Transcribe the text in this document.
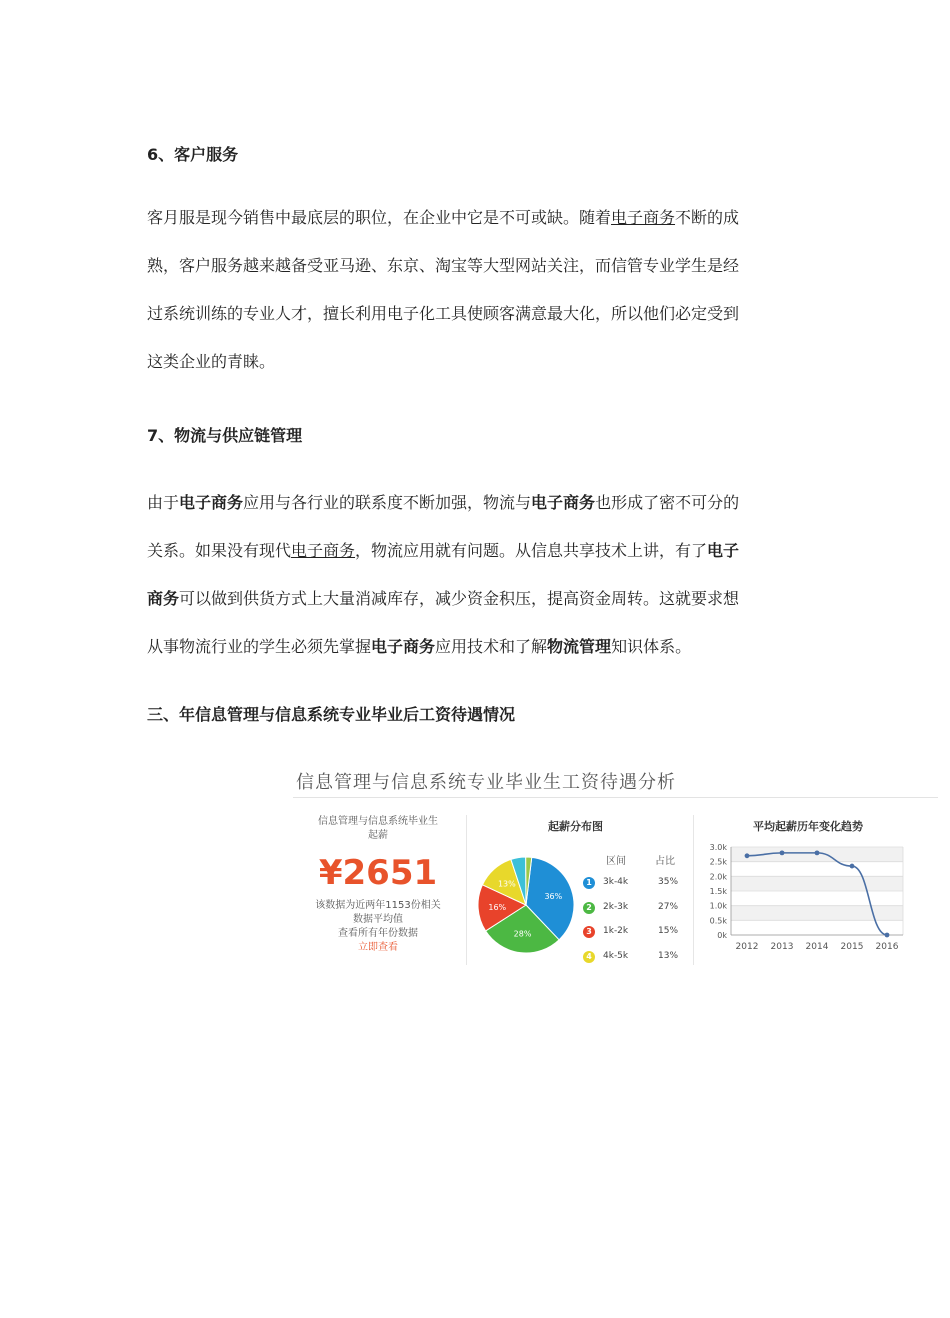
6、客户服务
客月服是现今销售中最底层的职位，在企业中它是不可或缺。随着电子商务不断的成
熟，客户服务越来越备受亚马逊、东京、淘宝等大型网站关注，而信管专业学生是经
过系统训练的专业人才，擅长利用电子化工具使顾客满意最大化，所以他们必定受到
这类企业的青睐。
7、物流与供应链管理
由于电子商务应用与各行业的联系度不断加强，物流与电子商务也形成了密不可分的
关系。如果没有现代电子商务，物流应用就有问题。从信息共享技术上讲，有了电子
商务可以做到供货方式上大量消减库存，减少资金积压，提高资金周转。这就要求想
从事物流行业的学生必须先掌握电子商务应用技术和了解物流管理知识体系。
三、年信息管理与信息系统专业毕业后工资待遇情况
信息管理与信息系统专业毕业生工资待遇分析
信息管理与信息系统毕业生
起薪
¥2651
该数据为近两年1153份相关
数据平均值
查看所有年份数据
立即查看
起薪分布图
36%
28%
16%
13%
区间	占比
1	3k-4k	35%
2	2k-3k	27%
3	1k-2k	15%
4	4k-5k	13%
平均起薪历年变化趋势
0k
0.5k
1.0k
1.5k
2.0k
2.5k
3.0k
2012 2013 2014 2015 2016
